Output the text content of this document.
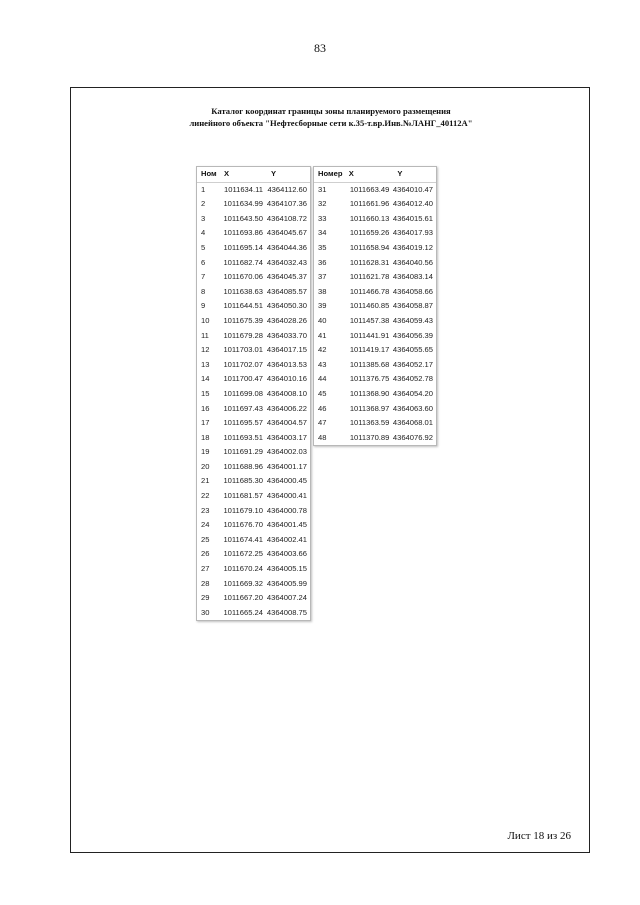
83
Каталог координат границы зоны планируемого размещения
линейного объекта "Нефтесборные сети к.35-т.вр.Инв.№ЛАНГ_40112А"
Ном X	Y
1	1011634.11 4364112.60
2	1011634.99 4364107.36
3	1011643.50 4364108.72
4	1011693.86 4364045.67
5	1011695.14 4364044.36
6	1011682.74 4364032.43
7	1011670.06 4364045.37
8	1011638.63 4364085.57
9	1011644.51 4364050.30
10	1011675.39 4364028.26
11	1011679.28 4364033.70
12	1011703.01 4364017.15
13	1011702.07 4364013.53
14	1011700.47 4364010.16
15	1011699.08 4364008.10
16	1011697.43 4364006.22
17	1011695.57 4364004.57
18	1011693.51 4364003.17
19	1011691.29 4364002.03
20	1011688.96 4364001.17
21	1011685.30 4364000.45
22	1011681.57 4364000.41
23	1011679.10 4364000.78
24	1011676.70 4364001.45
25	1011674.41 4364002.41
26	1011672.25 4364003.66
27	1011670.24 4364005.15
28	1011669.32 4364005.99
29	1011667.20 4364007.24
30	1011665.24 4364008.75
Номер X	Y
31	1011663.49 4364010.47
32	1011661.96 4364012.40
33	1011660.13 4364015.61
34	1011659.26 4364017.93
35	1011658.94 4364019.12
36	1011628.31 4364040.56
37	1011621.78 4364083.14
38	1011466.78 4364058.66
39	1011460.85 4364058.87
40	1011457.38 4364059.43
41	1011441.91 4364056.39
42	1011419.17 4364055.65
43	1011385.68 4364052.17
44	1011376.75 4364052.78
45	1011368.90 4364054.20
46	1011368.97 4364063.60
47	1011363.59 4364068.01
48	1011370.89 4364076.92
Лист 18 из 26
